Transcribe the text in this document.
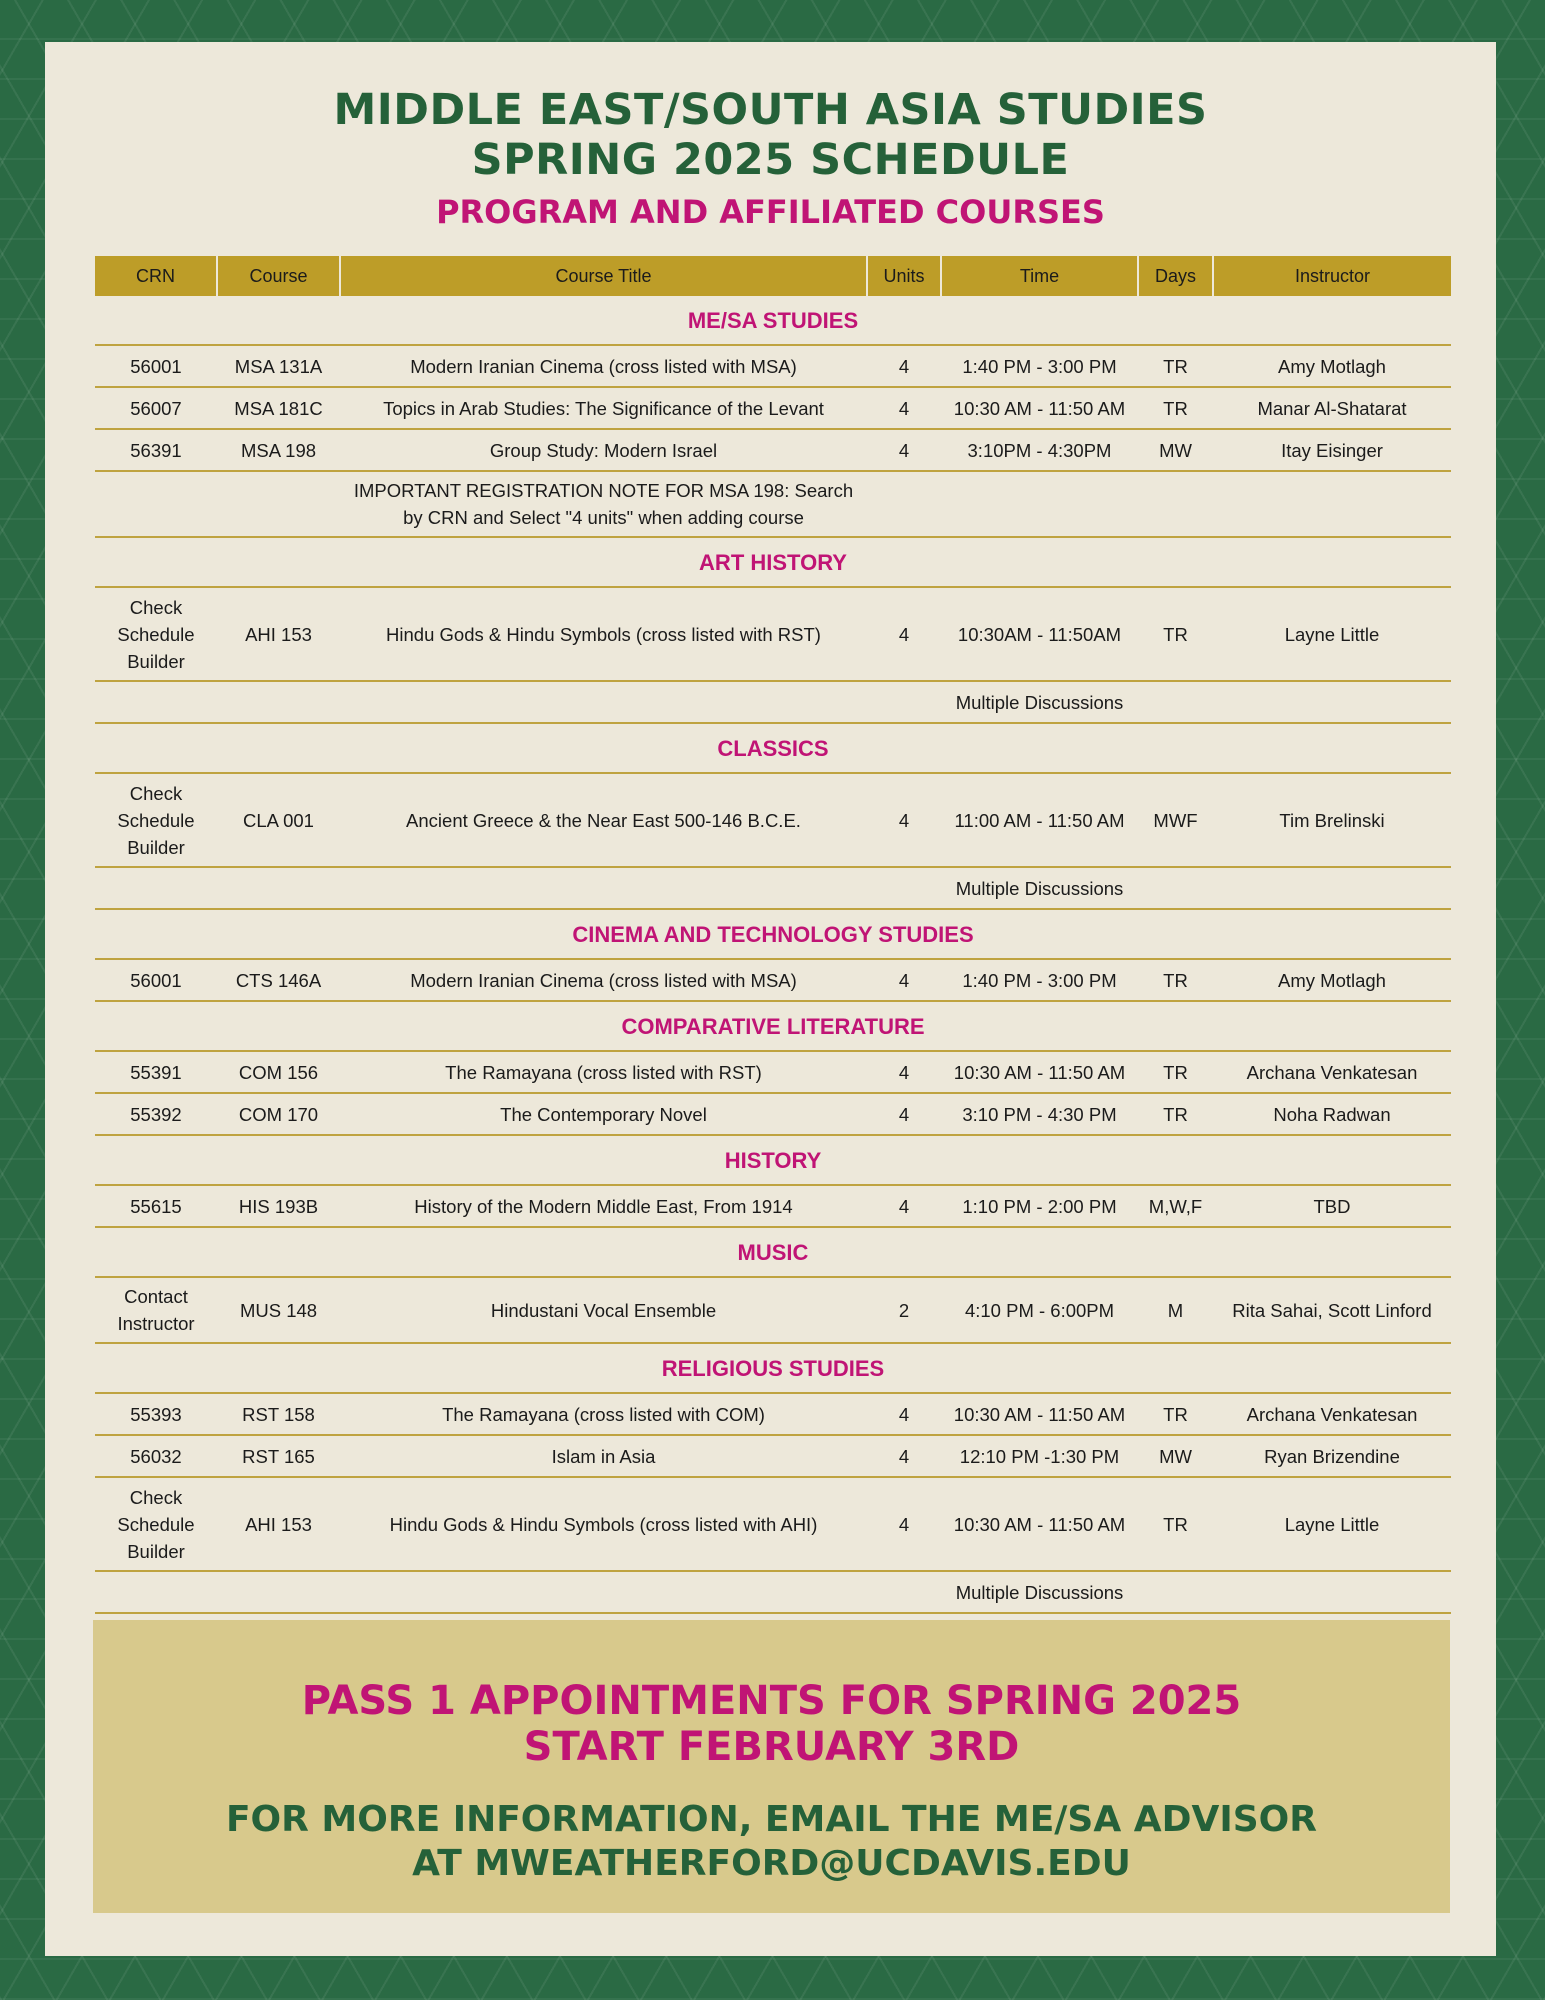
MIDDLE EAST/SOUTH ASIA STUDIES
SPRING 2025 SCHEDULE
PROGRAM AND AFFILIATED COURSES
CRN	Course	Course Title	Units	Time	Days	Instructor
ME/SA STUDIES						
56001	MSA 131A	Modern Iranian Cinema (cross listed with MSA)	4	1:40 PM - 3:00 PM	TR	Amy Motlagh
56007	MSA 181C	Topics in Arab Studies: The Significance of the Levant	4	10:30 AM - 11:50 AM	TR	Manar Al-Shatarat
56391	MSA 198	Group Study: Modern Israel	4	3:10PM - 4:30PM	MW	Itay Eisinger
		IMPORTANT REGISTRATION NOTE FOR MSA 198: Search by CRN and Select "4 units" when adding course				
ART HISTORY						
Check Schedule Builder	AHI 153	Hindu Gods & Hindu Symbols (cross listed with RST)	4	10:30AM - 11:50AM	TR	Layne Little
				Multiple Discussions		
CLASSICS						
Check Schedule Builder	CLA 001	Ancient Greece & the Near East 500-146 B.C.E.	4	11:00 AM - 11:50 AM	MWF	Tim Brelinski
				Multiple Discussions		
CINEMA AND TECHNOLOGY STUDIES						
56001	CTS 146A	Modern Iranian Cinema (cross listed with MSA)	4	1:40 PM - 3:00 PM	TR	Amy Motlagh
COMPARATIVE LITERATURE						
55391	COM 156	The Ramayana (cross listed with RST)	4	10:30 AM - 11:50 AM	TR	Archana Venkatesan
55392	COM 170	The Contemporary Novel	4	3:10 PM - 4:30 PM	TR	Noha Radwan
HISTORY						
55615	HIS 193B	History of the Modern Middle East, From 1914	4	1:10 PM - 2:00 PM	M,W,F	TBD
MUSIC						
Contact Instructor	MUS 148	Hindustani Vocal Ensemble	2	4:10 PM - 6:00PM	M	Rita Sahai, Scott Linford
RELIGIOUS STUDIES						
55393	RST 158	The Ramayana (cross listed with COM)	4	10:30 AM - 11:50 AM	TR	Archana Venkatesan
56032	RST 165	Islam in Asia	4	12:10 PM -1:30 PM	MW	Ryan Brizendine
Check Schedule Builder	AHI 153	Hindu Gods & Hindu Symbols (cross listed with AHI)	4	10:30 AM - 11:50 AM	TR	Layne Little
				Multiple Discussions		
PASS 1 APPOINTMENTS FOR SPRING 2025
START FEBRUARY 3RD
FOR MORE INFORMATION, EMAIL THE ME/SA ADVISOR
AT MWEATHERFORD@UCDAVIS.EDU
